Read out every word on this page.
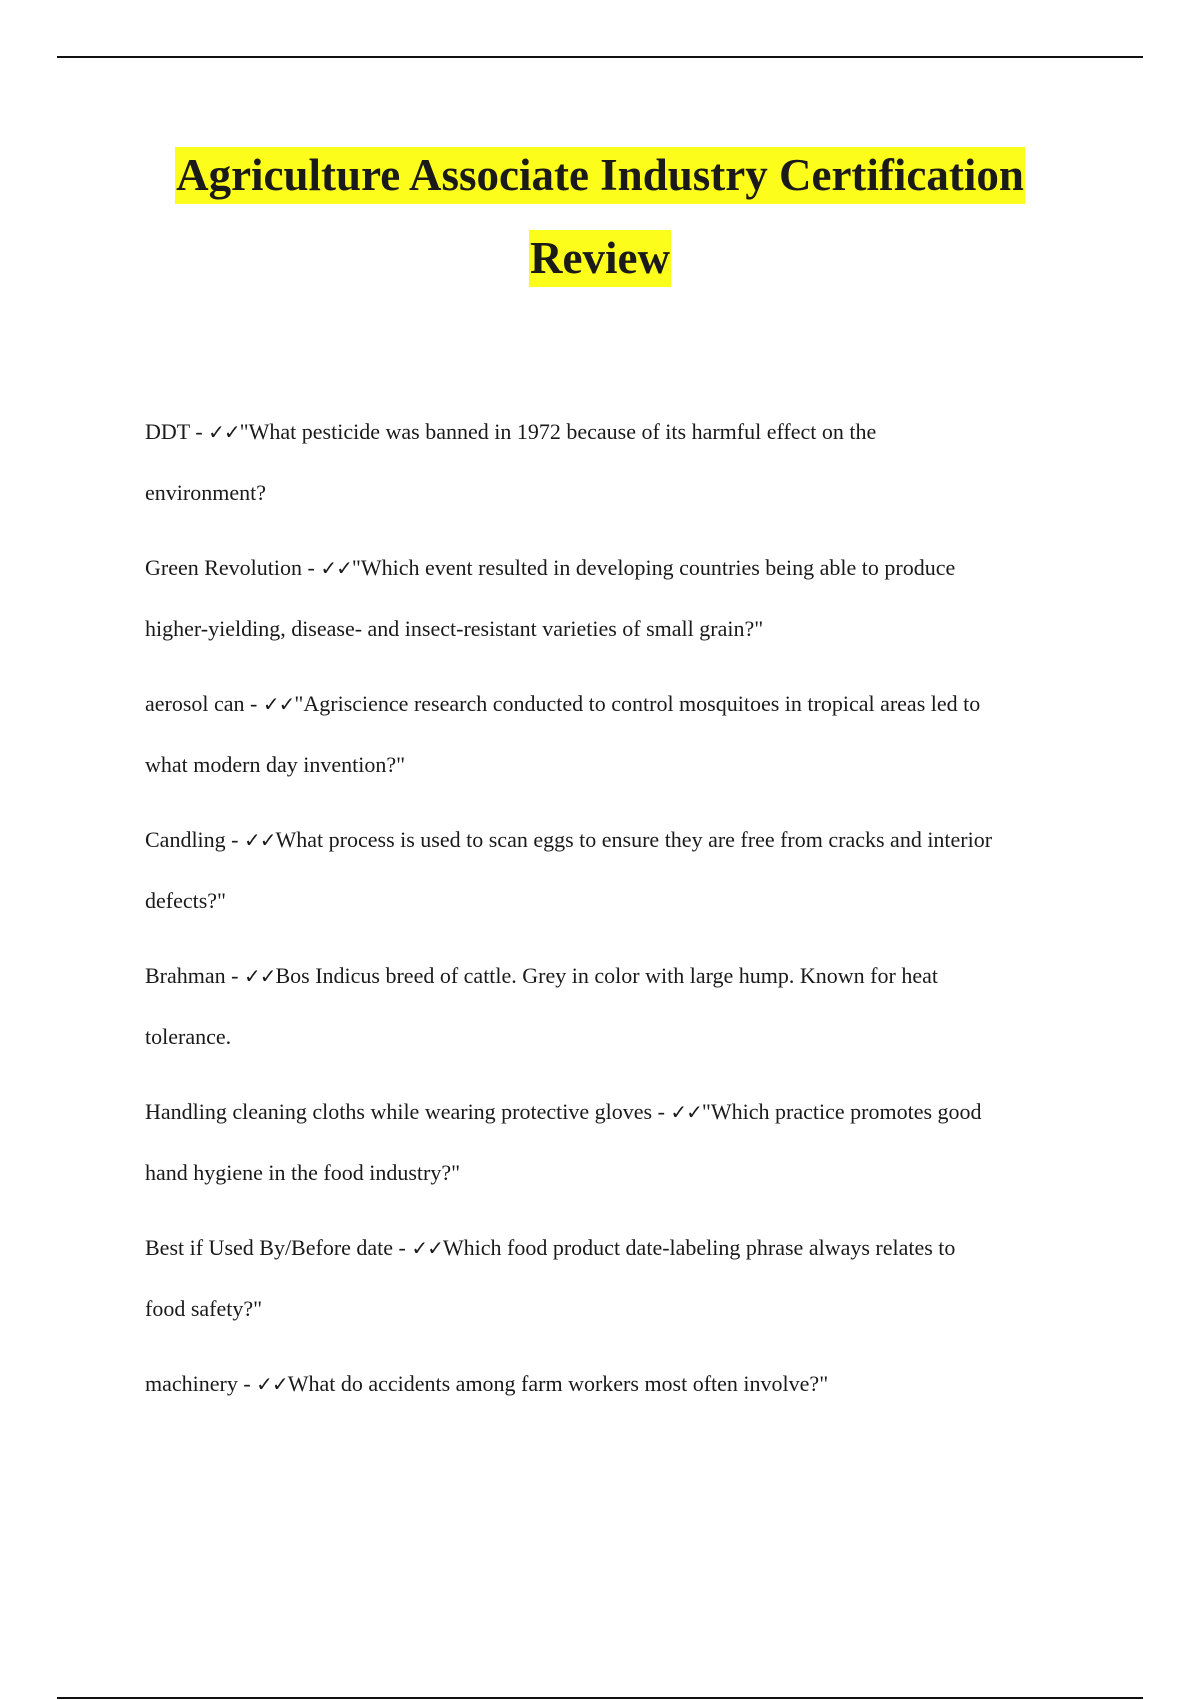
Agriculture Associate Industry Certification
Review
DDT - ✓✓"What pesticide was banned in 1972 because of its harmful effect on the
environment?
Green Revolution - ✓✓"Which event resulted in developing countries being able to produce
higher-yielding, disease- and insect-resistant varieties of small grain?"
aerosol can - ✓✓"Agriscience research conducted to control mosquitoes in tropical areas led to
what modern day invention?"
Candling - ✓✓What process is used to scan eggs to ensure they are free from cracks and interior
defects?"
Brahman - ✓✓Bos Indicus breed of cattle. Grey in color with large hump. Known for heat
tolerance.
Handling cleaning cloths while wearing protective gloves - ✓✓"Which practice promotes good
hand hygiene in the food industry?"
Best if Used By/Before date - ✓✓Which food product date-labeling phrase always relates to
food safety?"
machinery - ✓✓What do accidents among farm workers most often involve?"
